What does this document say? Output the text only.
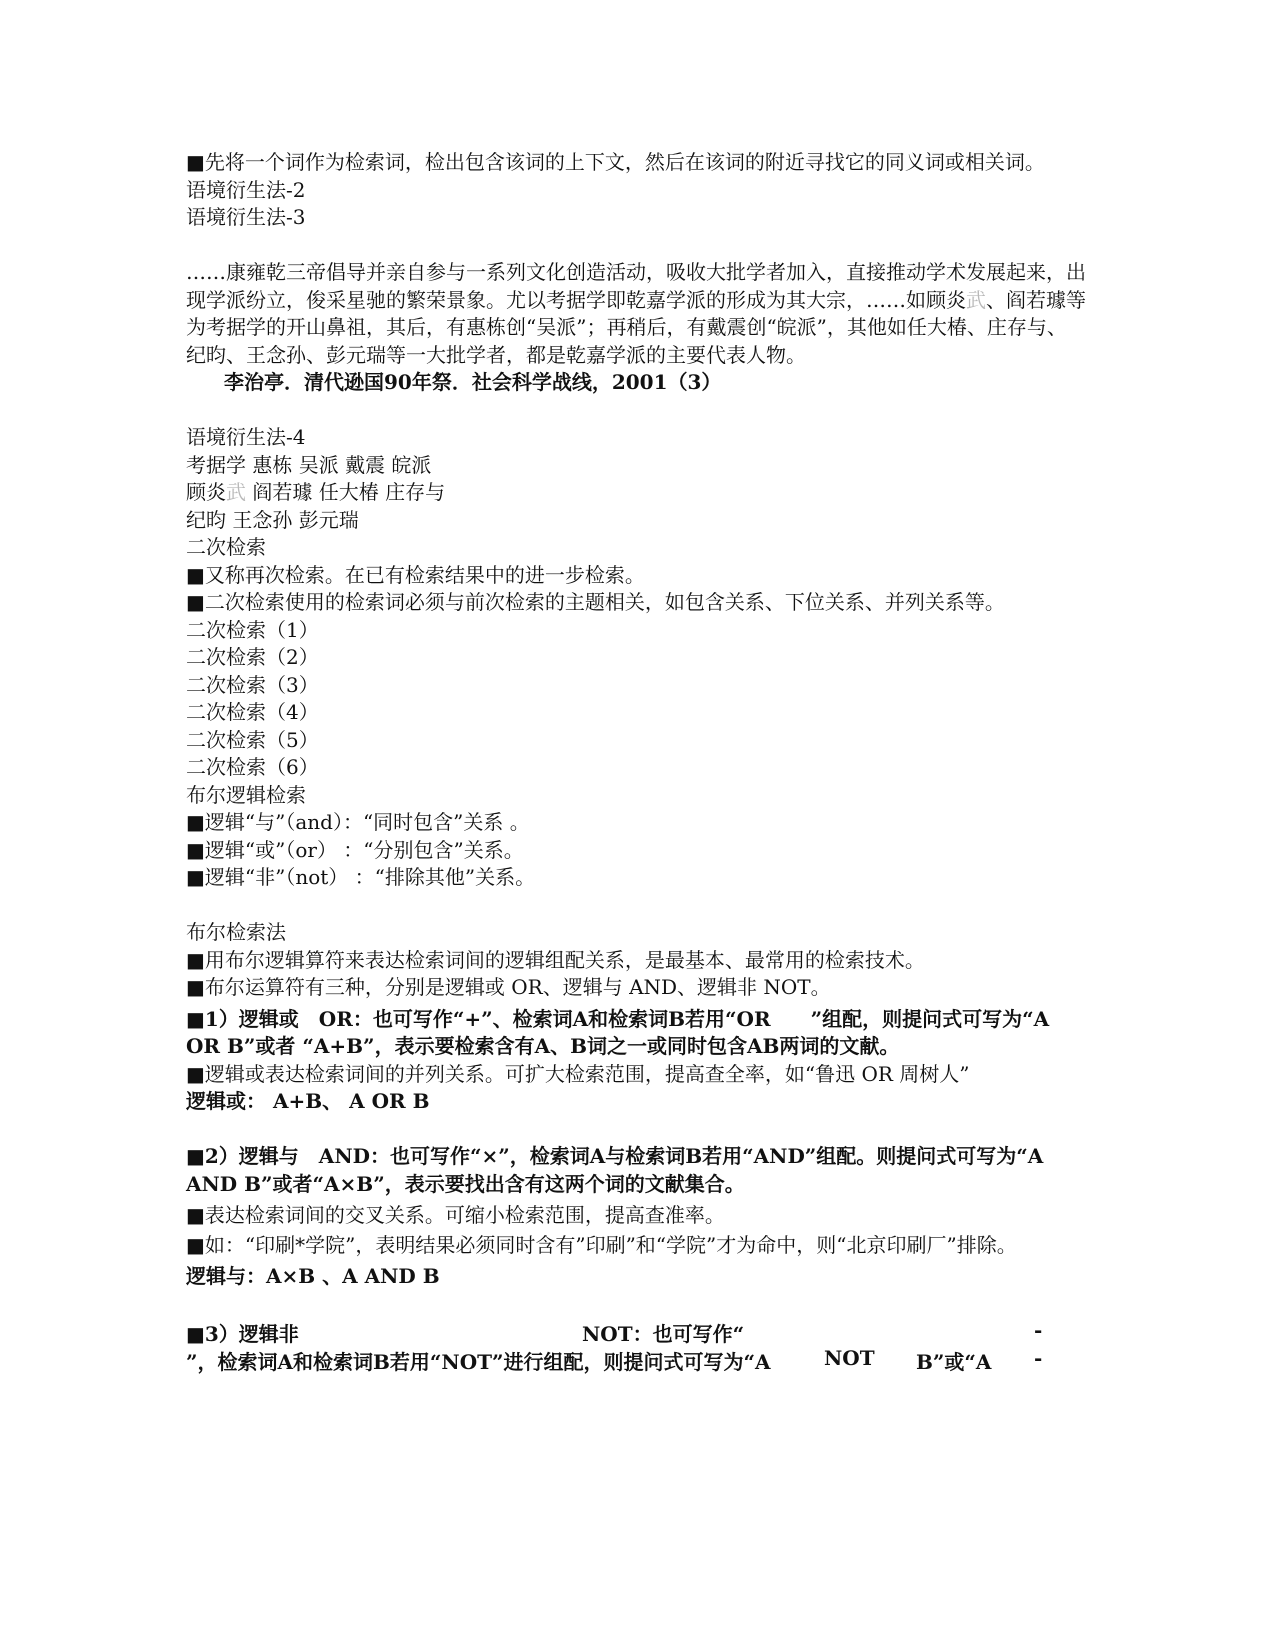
■先将一个词作为检索词，检出包含该词的上下文，然后在该词的附近寻找它的同义词或相关词。
语境衍生法-2
语境衍生法-3
……康雍乾三帝倡导并亲自参与一系列文化创造活动，吸收大批学者加入，直接推动学术发展起来，出现学派纷立，俊采星驰的繁荣景象。尤以考据学即乾嘉学派的形成为其大宗，……如顾炎武、阎若璩等为考据学的开山鼻祖，其后，有惠栋创“吴派”；再稍后，有戴震创“皖派”，其他如任大椿、庄存与、纪昀、王念孙、彭元瑞等一大批学者，都是乾嘉学派的主要代表人物。
李治亭．清代逊国90年祭．社会科学战线，2001（3）
语境衍生法-4
考据学 惠栋 吴派 戴震 皖派
顾炎武 阎若璩 任大椿 庄存与
纪昀 王念孙 彭元瑞
二次检索
■又称再次检索。在已有检索结果中的进一步检索。
■二次检索使用的检索词必须与前次检索的主题相关，如包含关系、下位关系、并列关系等。
二次检索（1）
二次检索（2）
二次检索（3）
二次检索（4）
二次检索（5）
二次检索（6）
布尔逻辑检索
■逻辑“与”（and）：“同时包含”关系 。
■逻辑“或”（or） ：“分别包含”关系。
■逻辑“非”（not） ：“排除其他”关系。
布尔检索法
■用布尔逻辑算符来表达检索词间的逻辑组配关系，是最基本、最常用的检索技术。
■布尔运算符有三种，分别是逻辑或 OR、逻辑与 AND、逻辑非 NOT。
■1）逻辑或　OR：也可写作“+”、检索词A和检索词B若用“OR　　”组配，则提问式可写为“A OR B”或者 “A+B”，表示要检索含有A、B词之一或同时包含AB两词的文献。
■逻辑或表达检索词间的并列关系。可扩大检索范围，提高查全率，如“鲁迅 OR 周树人”
逻辑或： A+B、 A OR B
■2）逻辑与　AND：也可写作“×”，检索词A与检索词B若用“AND”组配。则提问式可写为“A AND B”或者“A×B”，表示要找出含有这两个词的文献集合。
■表达检索词间的交叉关系。可缩小检索范围，提高查准率。
■如：“印刷*学院”，表明结果必须同时含有”印刷”和“学院”才为命中，则“北京印刷厂”排除。
逻辑与：A×B 、A AND B
■3）逻辑非	NOT：也可写作“	-
”，检索词A和检索词B若用“NOT”进行组配，则提问式可写为“A	NOT B”或“A -
